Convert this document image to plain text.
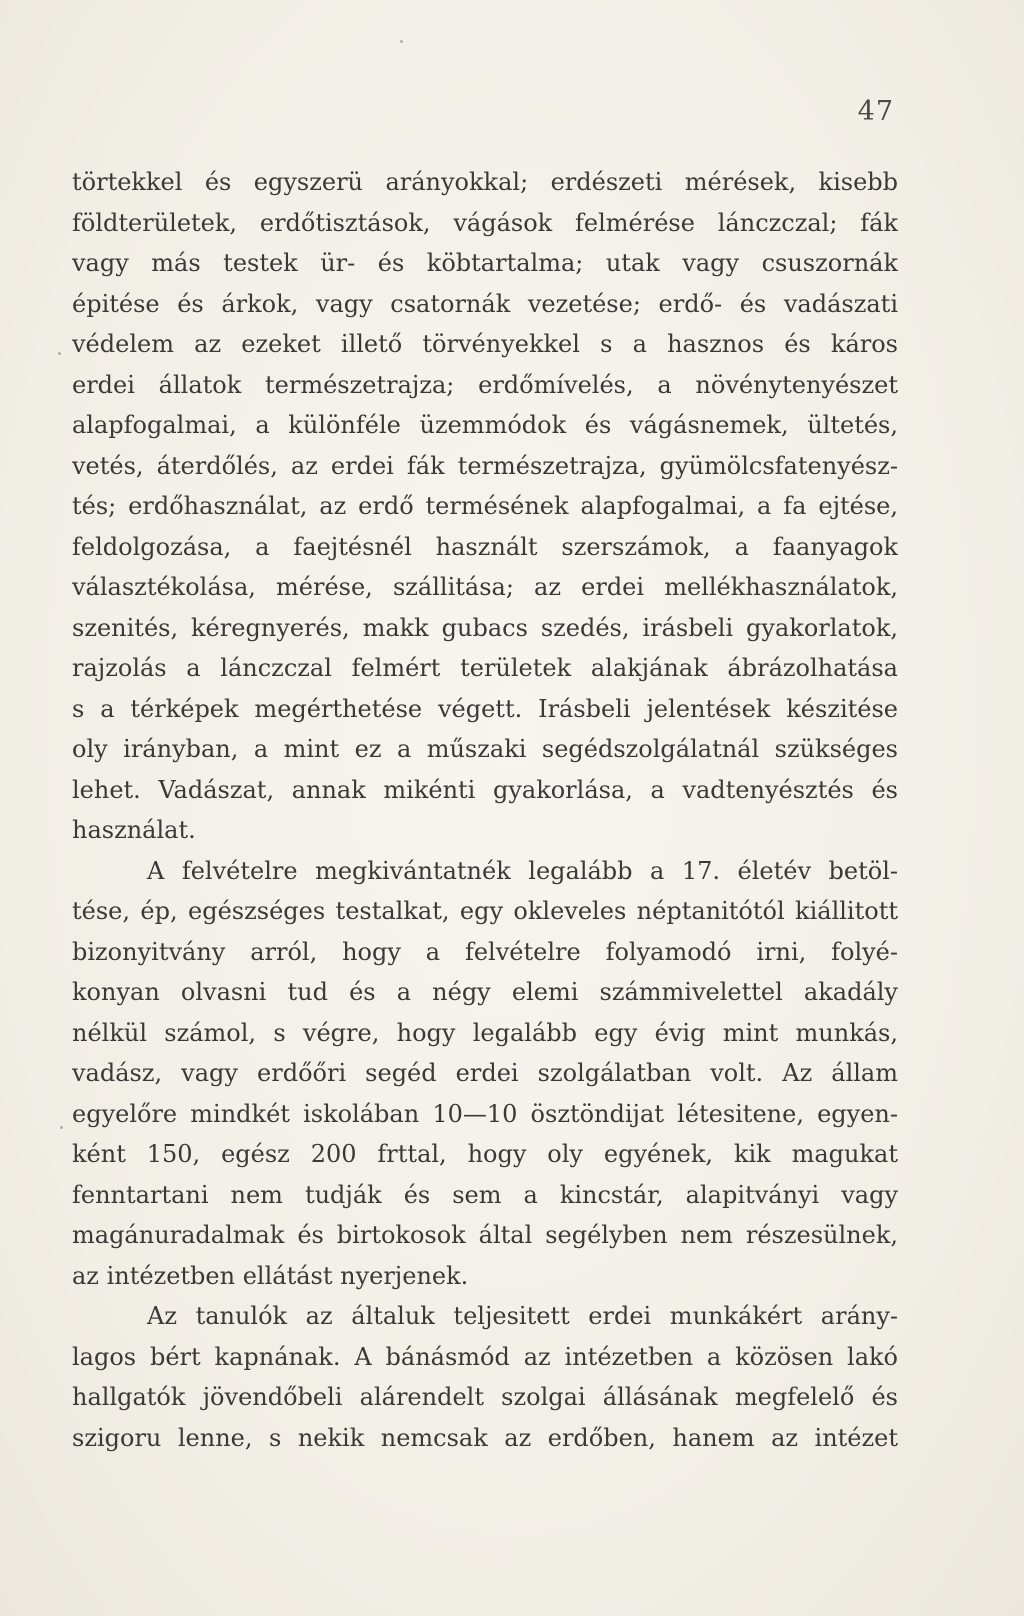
47
törtekkel és egyszerü arányokkal; erdészeti mérések, kisebb
földterületek, erdőtisztások, vágások felmérése lánczczal; fák
vagy más testek ür- és köbtartalma; utak vagy csuszornák
épitése és árkok, vagy csatornák vezetése; erdő- és vadászati
védelem az ezeket illető törvényekkel s a hasznos és káros
erdei állatok természetrajza; erdőmívelés, a növénytenyészet
alapfogalmai, a különféle üzemmódok és vágásnemek, ültetés,
vetés, áterdőlés, az erdei fák természetrajza, gyümölcsfatenyész-
tés; erdőhasználat, az erdő termésének alapfogalmai, a fa ejtése,
feldolgozása, a faejtésnél használt szerszámok, a faanyagok
választékolása, mérése, szállitása; az erdei mellékhasználatok,
szenités, kéregnyerés, makk gubacs szedés, irásbeli gyakorlatok,
rajzolás a lánczczal felmért területek alakjának ábrázolhatása
s a térképek megérthetése végett. Irásbeli jelentések készitése
oly irányban, a mint ez a műszaki segédszolgálatnál szükséges
lehet. Vadászat, annak mikénti gyakorlása, a vadtenyésztés és
használat.
A felvételre megkivántatnék legalább a 17. életév betöl-
tése, ép, egészséges testalkat, egy okleveles néptanitótól kiállitott
bizonyitvány arról, hogy a felvételre folyamodó irni, folyé-
konyan olvasni tud és a négy elemi számmivelettel akadály
nélkül számol, s végre, hogy legalább egy évig mint munkás,
vadász, vagy erdőőri segéd erdei szolgálatban volt. Az állam
egyelőre mindkét iskolában 10—10 ösztöndijat létesitene, egyen-
ként 150, egész 200 frttal, hogy oly egyének, kik magukat
fenntartani nem tudják és sem a kincstár, alapitványi vagy
magánuradalmak és birtokosok által segélyben nem részesülnek,
az intézetben ellátást nyerjenek.
Az tanulók az általuk teljesitett erdei munkákért arány-
lagos bért kapnának. A bánásmód az intézetben a közösen lakó
hallgatók jövendőbeli alárendelt szolgai állásának megfelelő és
szigoru lenne, s nekik nemcsak az erdőben, hanem az intézet
